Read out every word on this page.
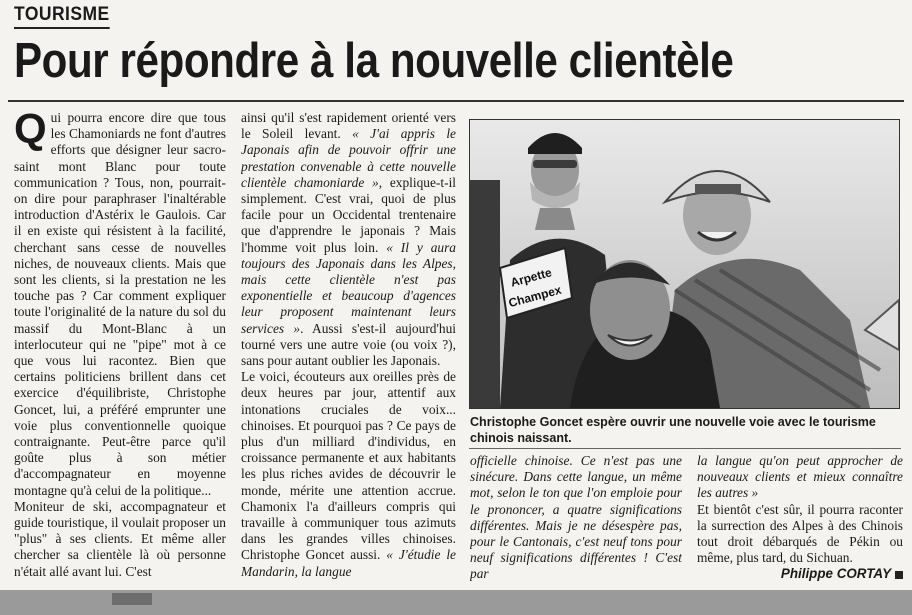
TOURISME
Pour répondre à la nouvelle clientèle
Q ui pourra encore dire que tous les Chamoniards ne font d'autres efforts que désigner leur sacro-saint mont Blanc pour toute communication ? Tous, non, pourrait-on dire pour paraphraser l'inaltérable introduction d'Astérix le Gaulois. Car il en existe qui résistent à la facilité, cherchant sans cesse de nouvelles niches, de nouveaux clients. Mais que sont les clients, si la prestation ne les touche pas ? Car comment expliquer toute l'originalité de la nature du sol du massif du Mont-Blanc à un interlocuteur qui ne "pipe" mot à ce que vous lui racontez. Bien que certains politiciens brillent dans cet exercice d'équilibriste, Christophe Goncet, lui, a préféré emprunter une voie plus conventionnelle quoique contraignante. Peut-être parce qu'il goûte plus à son métier d'accompagnateur en moyenne montagne qu'à celui de la politique...

Moniteur de ski, accompagnateur et guide touristique, il voulait proposer un "plus" à ses clients. Et même aller chercher sa clientèle là où personne n'était allé avant lui. C'est

ainsi qu'il s'est rapidement orienté vers le Soleil levant. « J'ai appris le Japonais afin de pouvoir offrir une prestation convenable à cette nouvelle clientèle chamoniarde », explique-t-il simplement. C'est vrai, quoi de plus facile pour un Occidental trentenaire que d'apprendre le japonais ? Mais l'homme voit plus loin. « Il y aura toujours des Japonais dans les Alpes, mais cette clientèle n'est pas exponentielle et beaucoup d'agences leur proposent maintenant leurs services ». Aussi s'est-il aujourd'hui tourné vers une autre voie (ou voix ?), sans pour autant oublier les Japonais.

Le voici, écouteurs aux oreilles près de deux heures par jour, attentif aux intonations cruciales de voix... chinoises. Et pourquoi pas ? Ce pays de plus d'un milliard d'individus, en croissance permanente et aux habitants les plus riches avides de découvrir le monde, mérite une attention accrue. Chamonix l'a d'ailleurs compris qui travaille à communiquer tous azimuts dans les grandes villes chinoises. Christophe Goncet aussi. « J'étudie le Mandarin, la langue

Arpette
Champex
Christophe Goncet espère ouvrir une nouvelle voie avec le tourisme chinois naissant.

officielle chinoise. Ce n'est pas une sinécure. Dans cette langue, un même mot, selon le ton que l'on emploie pour le prononcer, a quatre significations différentes. Mais je ne désespère pas, pour le Cantonais, c'est neuf tons pour neuf significations différentes ! C'est par

la langue qu'on peut approcher de nouveaux clients et mieux connaître les autres »

Et bientôt c'est sûr, il pourra raconter la surrection des Alpes à des Chinois tout droit débarqués de Pékin ou même, plus tard, du Sichuan.
Philippe CORTAY
